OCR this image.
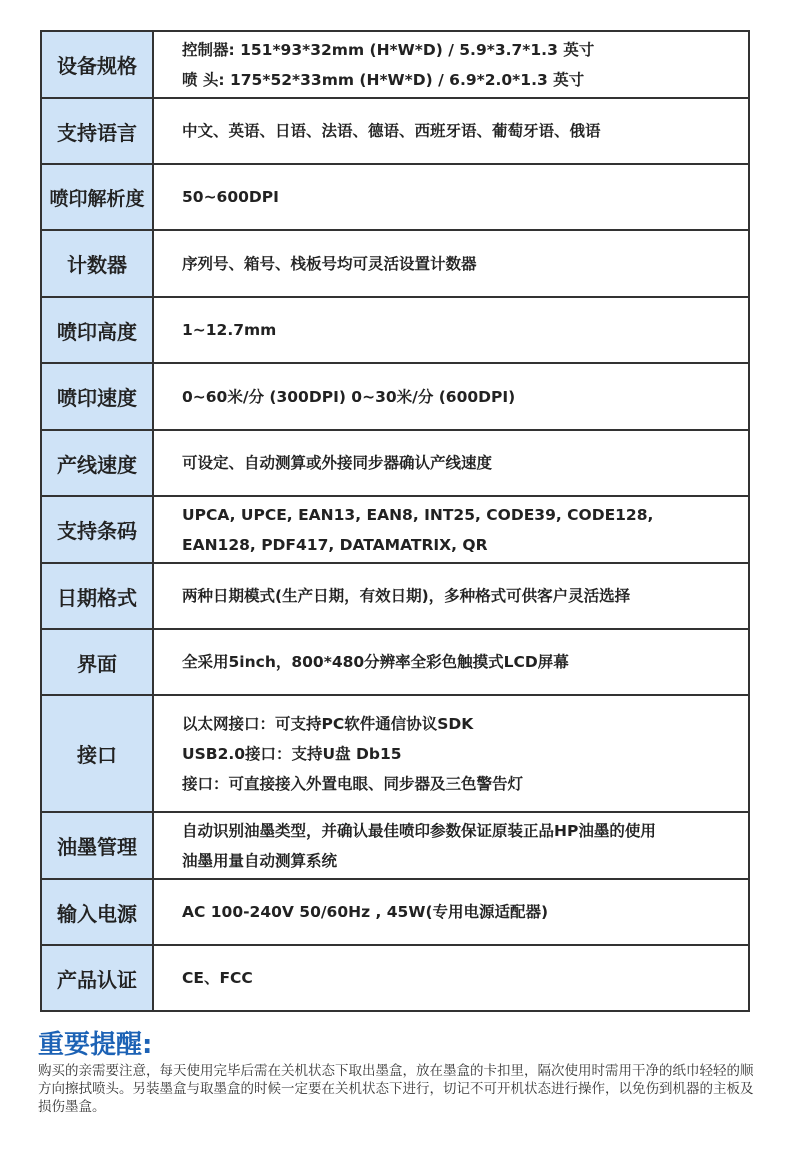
设备规格	控制器: 151*93*32mm (H*W*D) / 5.9*3.7*1.3 英寸
喷 头: 175*52*33mm (H*W*D) / 6.9*2.0*1.3 英寸

支持语言	中文、英语、日语、法语、德语、西班牙语、葡萄牙语、俄语

喷印解析度	50~600DPI

计数器	序列号、箱号、栈板号均可灵活设置计数器

喷印高度	1~12.7mm

喷印速度	0~60米/分 (300DPI) 0~30米/分 (600DPI)

产线速度	可设定、自动测算或外接同步器确认产线速度

支持条码	UPCA, UPCE, EAN13, EAN8, INT25, CODE39, CODE128,
EAN128, PDF417, DATAMATRIX, QR

日期格式	两种日期模式(生产日期，有效日期)，多种格式可供客户灵活选择

界面	全采用5inch，800*480分辨率全彩色触摸式LCD屏幕

接口	以太网接口：可支持PC软件通信协议SDK
USB2.0接口：支持U盘 Db15
接口：可直接接入外置电眼、同步器及三色警告灯

油墨管理	自动识别油墨类型，并确认最佳喷印参数保证原装正品HP油墨的使用
油墨用量自动测算系统

输入电源	AC 100-240V 50/60Hz , 45W(专用电源适配器)

产品认证	CE、FCC
重要提醒:
购买的亲需要注意，每天使用完毕后需在关机状态下取出墨盒，放在墨盒的卡扣里，隔次使用时需用干净的纸巾轻轻的顺方向擦拭喷头。另装墨盒与取墨盒的时候一定要在关机状态下进行，切记不可开机状态进行操作，以免伤到机器的主板及损伤墨盒。
